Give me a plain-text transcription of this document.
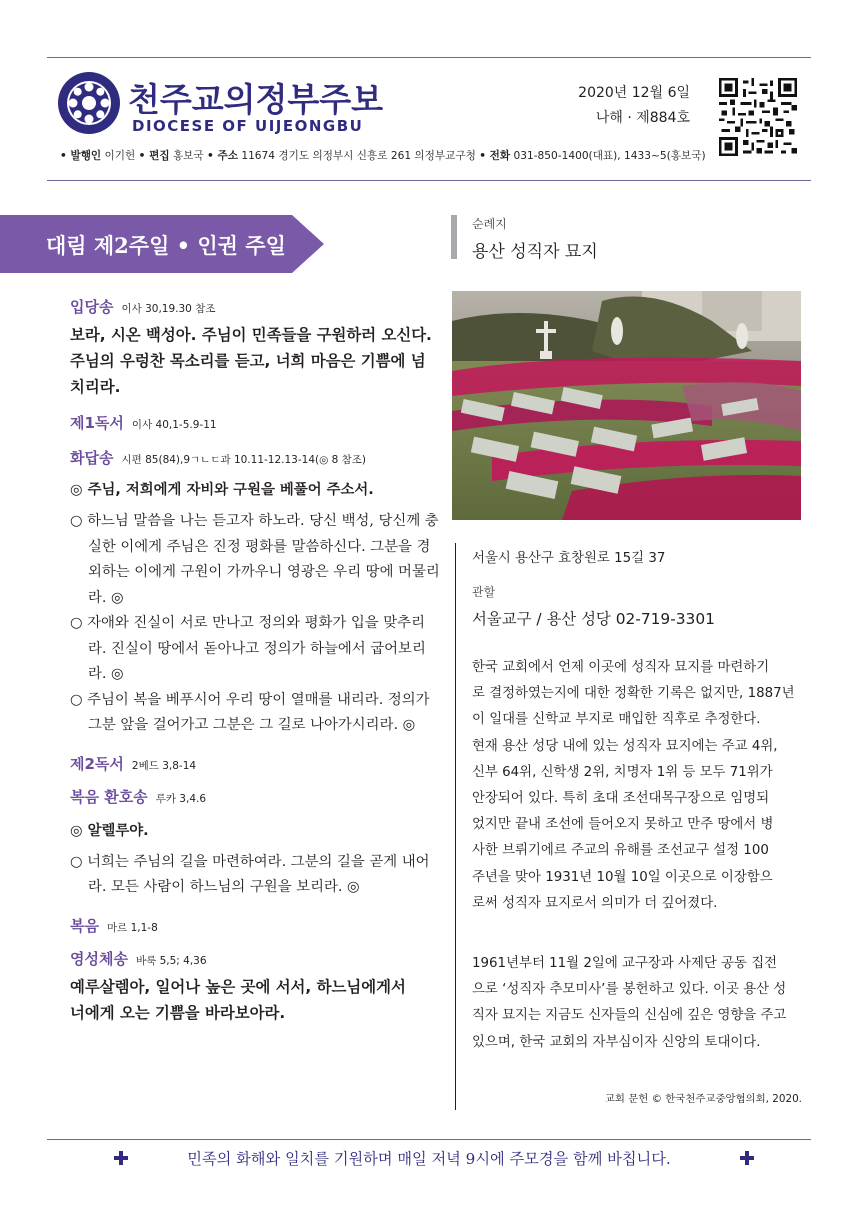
천주교의정부주보
DIOCESE OF UIJEONGBU
2020년 12월 6일
나해 · 제884호
• 발행인 이기헌 • 편집 홍보국 • 주소 11674 경기도 의정부시 신흥로 261 의정부교구청 • 전화 031-850-1400(대표), 1433~5(홍보국)
대림 제2주일 • 인권 주일
입당송 이사 30,19.30 참조
보라, 시온 백성아. 주님이 민족들을 구원하러 오신다.
주님의 우렁찬 목소리를 듣고, 너희 마음은 기쁨에 넘
치리라.
제1독서 이사 40,1-5.9-11
화답송 시편 85(84),9ㄱㄴㄷ과 10.11-12.13-14(◎ 8 참조)
◎ 주님, 저희에게 자비와 구원을 베풀어 주소서.
○ 하느님 말씀을 나는 듣고자 하노라. 당신 백성, 당신께 충실한 이에게 주님은 진정 평화를 말씀하신다. 그분을 경외하는 이에게 구원이 가까우니 영광은 우리 땅에 머물리라. ◎
○ 자애와 진실이 서로 만나고 정의와 평화가 입을 맞추리라. 진실이 땅에서 돋아나고 정의가 하늘에서 굽어보리라. ◎
○ 주님이 복을 베푸시어 우리 땅이 열매를 내리라. 정의가 그분 앞을 걸어가고 그분은 그 길로 나아가시리라. ◎
제2독서 2베드 3,8-14
복음 환호송 루카 3,4.6
◎ 알렐루야.
○ 너희는 주님의 길을 마련하여라. 그분의 길을 곧게 내어라. 모든 사람이 하느님의 구원을 보리라. ◎
복음 마르 1,1-8
영성체송 바룩 5,5; 4,36
예루살렘아, 일어나 높은 곳에 서서, 하느님에게서
너에게 오는 기쁨을 바라보아라.
순례지
용산 성직자 묘지
서울시 용산구 효창원로 15길 37
관할
서울교구 / 용산 성당 02-719-3301
한국 교회에서 언제 이곳에 성직자 묘지를 마련하기
로 결정하였는지에 대한 정확한 기록은 없지만, 1887년
이 일대를 신학교 부지로 매입한 직후로 추정한다.
현재 용산 성당 내에 있는 성직자 묘지에는 주교 4위,
신부 64위, 신학생 2위, 치명자 1위 등 모두 71위가
안장되어 있다. 특히 초대 조선대목구장으로 임명되
었지만 끝내 조선에 들어오지 못하고 만주 땅에서 병
사한 브뤼기에르 주교의 유해를 조선교구 설정 100
주년을 맞아 1931년 10월 10일 이곳으로 이장함으
로써 성직자 묘지로서 의미가 더 깊어졌다.
1961년부터 11월 2일에 교구장과 사제단 공동 집전
으로 ‘성직자 추모미사’를 봉헌하고 있다. 이곳 용산 성
직자 묘지는 지금도 신자들의 신심에 깊은 영향을 주고
있으며, 한국 교회의 자부심이자 신앙의 토대이다.
교회 문헌 © 한국천주교중앙협의회, 2020.
민족의 화해와 일치를 기원하며 매일 저녁 9시에 주모경을 함께 바칩니다.
